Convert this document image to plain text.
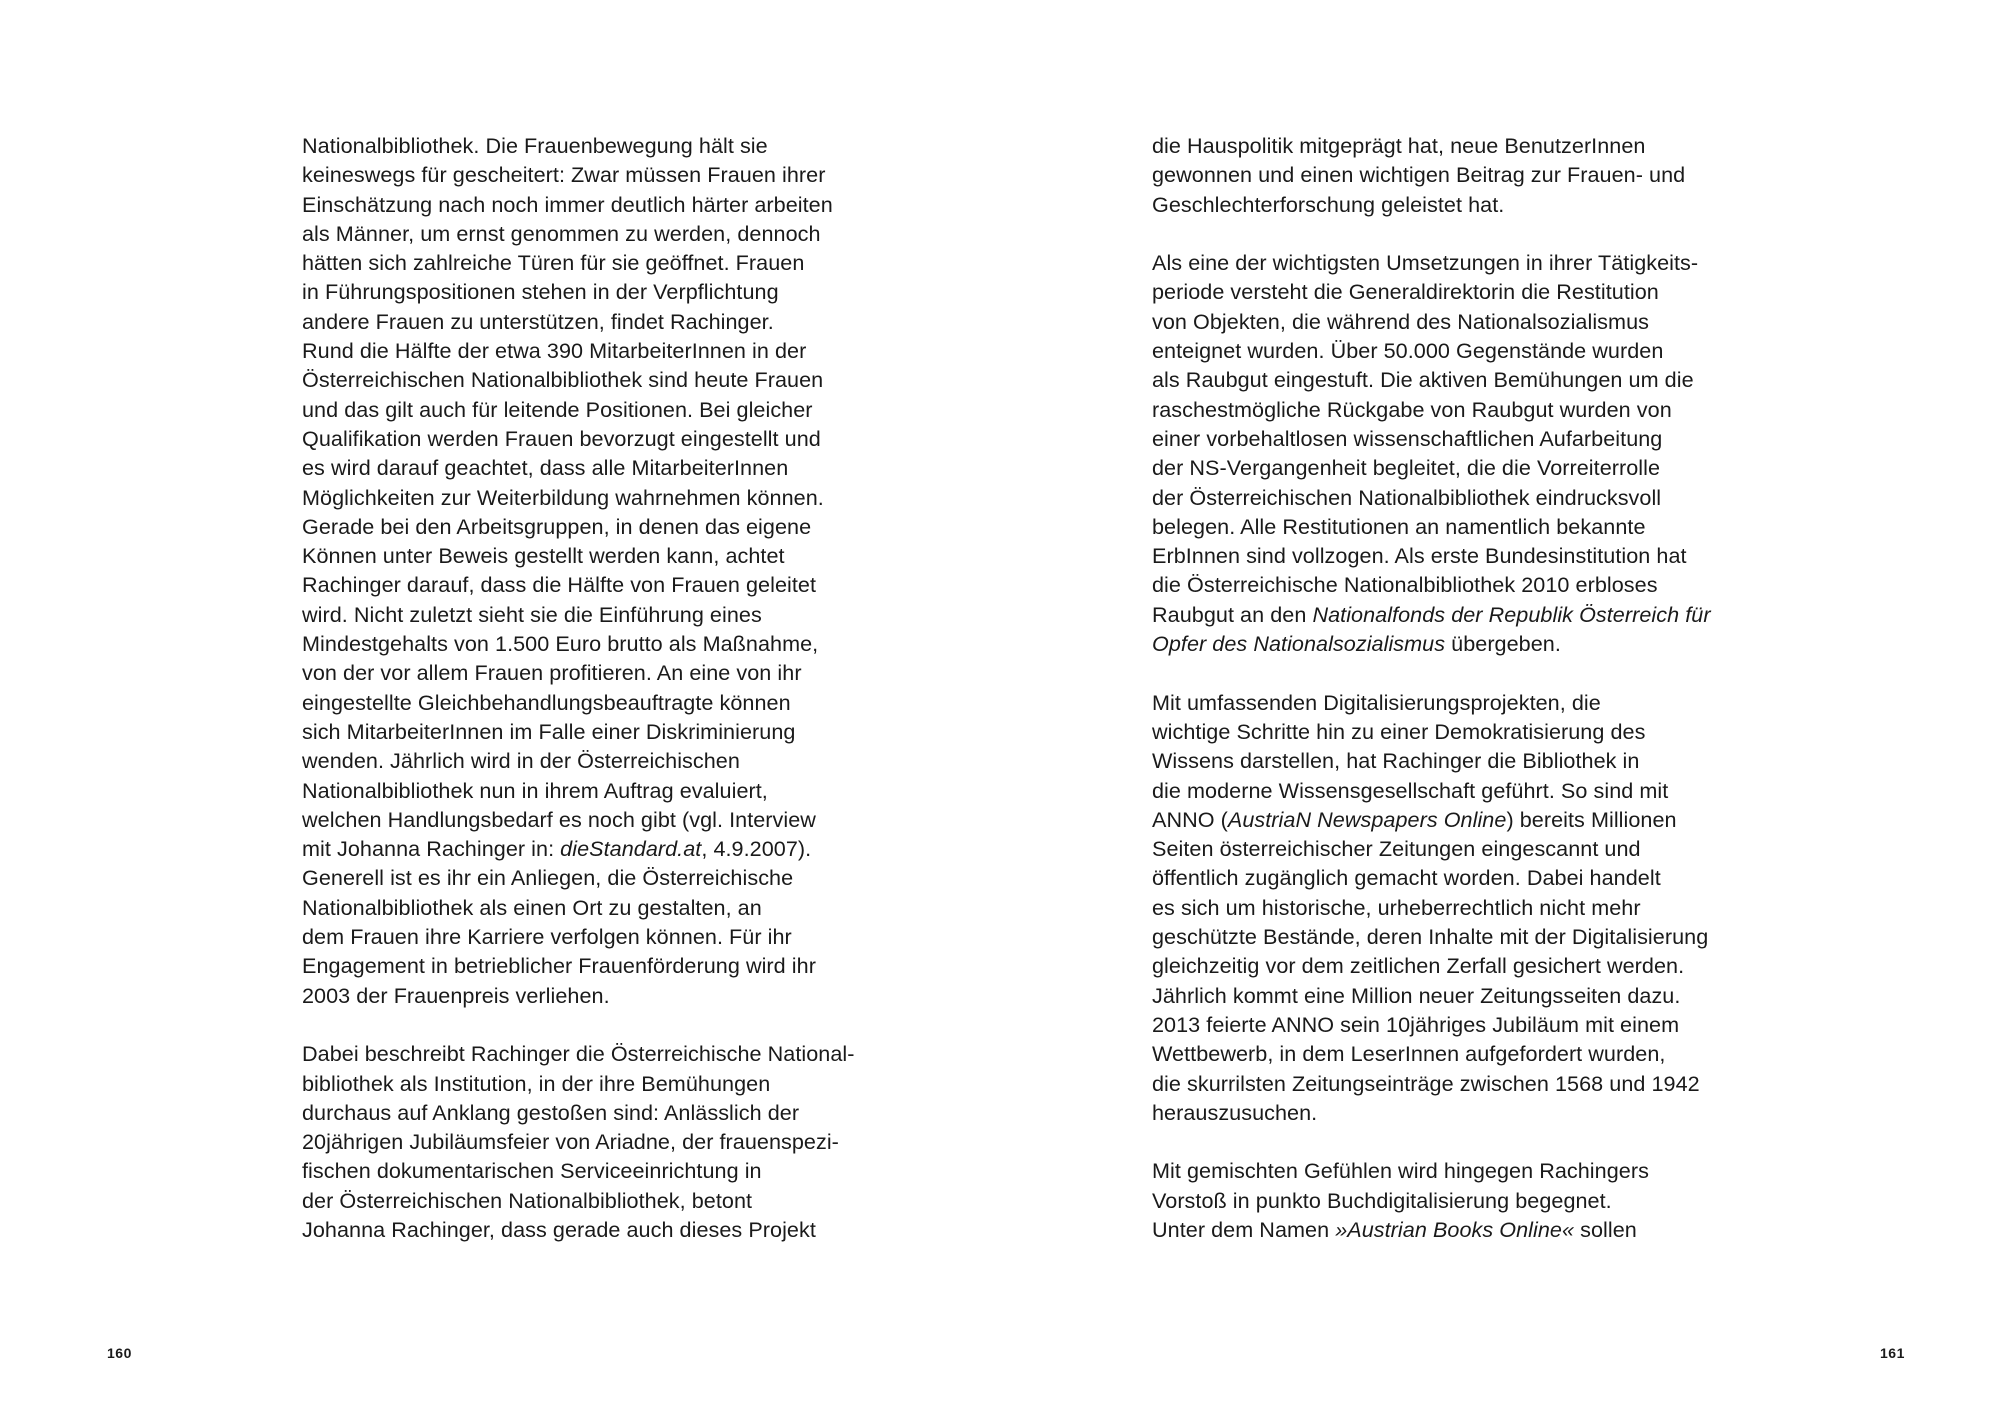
Nationalbibliothek. Die Frauenbewegung hält sie
keineswegs für gescheitert: Zwar müssen Frauen ihrer
Einschätzung nach noch immer deutlich härter arbeiten
als Männer, um ernst genommen zu werden, dennoch
hätten sich zahlreiche Türen für sie geöffnet. Frauen
in Führungspositionen stehen in der Verpflichtung
andere Frauen zu unterstützen, findet Rachinger.
Rund die Hälfte der etwa 390 MitarbeiterInnen in der
Österreichischen Nationalbibliothek sind heute Frauen
und das gilt auch für leitende Positionen. Bei gleicher
Qualifikation werden Frauen bevorzugt eingestellt und
es wird darauf geachtet, dass alle MitarbeiterInnen
Möglichkeiten zur Weiterbildung wahrnehmen können.
Gerade bei den Arbeitsgruppen, in denen das eigene
Können unter Beweis gestellt werden kann, achtet
Rachinger darauf, dass die Hälfte von Frauen geleitet
wird. Nicht zuletzt sieht sie die Einführung eines
Mindestgehalts von 1.500 Euro brutto als Maßnahme,
von der vor allem Frauen profitieren. An eine von ihr
eingestellte Gleichbehandlungsbeauftragte können
sich MitarbeiterInnen im Falle einer Diskriminierung
wenden. Jährlich wird in der Österreichischen
Nationalbibliothek nun in ihrem Auftrag evaluiert,
welchen Handlungsbedarf es noch gibt (vgl. Interview
mit Johanna Rachinger in: dieStandard.at, 4.9.2007).
Generell ist es ihr ein Anliegen, die Österreichische
Nationalbibliothek als einen Ort zu gestalten, an
dem Frauen ihre Karriere verfolgen können. Für ihr
Engagement in betrieblicher Frauenförderung wird ihr
2003 der Frauenpreis verliehen.
Dabei beschreibt Rachinger die Österreichische National-
bibliothek als Institution, in der ihre Bemühungen
durchaus auf Anklang gestoßen sind: Anlässlich der
20jährigen Jubiläumsfeier von Ariadne, der frauenspezi-
fischen dokumentarischen Serviceeinrichtung in
der Österreichischen Nationalbibliothek, betont
Johanna Rachinger, dass gerade auch dieses Projekt
160
die Hauspolitik mitgeprägt hat, neue BenutzerInnen
gewonnen und einen wichtigen Beitrag zur Frauen- und
Geschlechterforschung geleistet hat.
Als eine der wichtigsten Umsetzungen in ihrer Tätigkeits-
periode versteht die Generaldirektorin die Restitution
von Objekten, die während des Nationalsozialismus
enteignet wurden. Über 50.000 Gegenstände wurden
als Raubgut eingestuft. Die aktiven Bemühungen um die
raschestmögliche Rückgabe von Raubgut wurden von
einer vorbehaltlosen wissenschaftlichen Aufarbeitung
der NS-Vergangenheit begleitet, die die Vorreiterrolle
der Österreichischen Nationalbibliothek eindrucksvoll
belegen. Alle Restitutionen an namentlich bekannte
ErbInnen sind vollzogen. Als erste Bundesinstitution hat
die Österreichische Nationalbibliothek 2010 erbloses
Raubgut an den Nationalfonds der Republik Österreich für
Opfer des Nationalsozialismus übergeben.
Mit umfassenden Digitalisierungsprojekten, die
wichtige Schritte hin zu einer Demokratisierung des
Wissens darstellen, hat Rachinger die Bibliothek in
die moderne Wissensgesellschaft geführt. So sind mit
ANNO (AustriaN Newspapers Online) bereits Millionen
Seiten österreichischer Zeitungen eingescannt und
öffentlich zugänglich gemacht worden. Dabei handelt
es sich um historische, urheberrechtlich nicht mehr
geschützte Bestände, deren Inhalte mit der Digitalisierung
gleichzeitig vor dem zeitlichen Zerfall gesichert werden.
Jährlich kommt eine Million neuer Zeitungsseiten dazu.
2013 feierte ANNO sein 10jähriges Jubiläum mit einem
Wettbewerb, in dem LeserInnen aufgefordert wurden,
die skurrilsten Zeitungseinträge zwischen 1568 und 1942
herauszusuchen.
Mit gemischten Gefühlen wird hingegen Rachingers
Vorstoß in punkto Buchdigitalisierung begegnet.
Unter dem Namen »Austrian Books Online« sollen
161
